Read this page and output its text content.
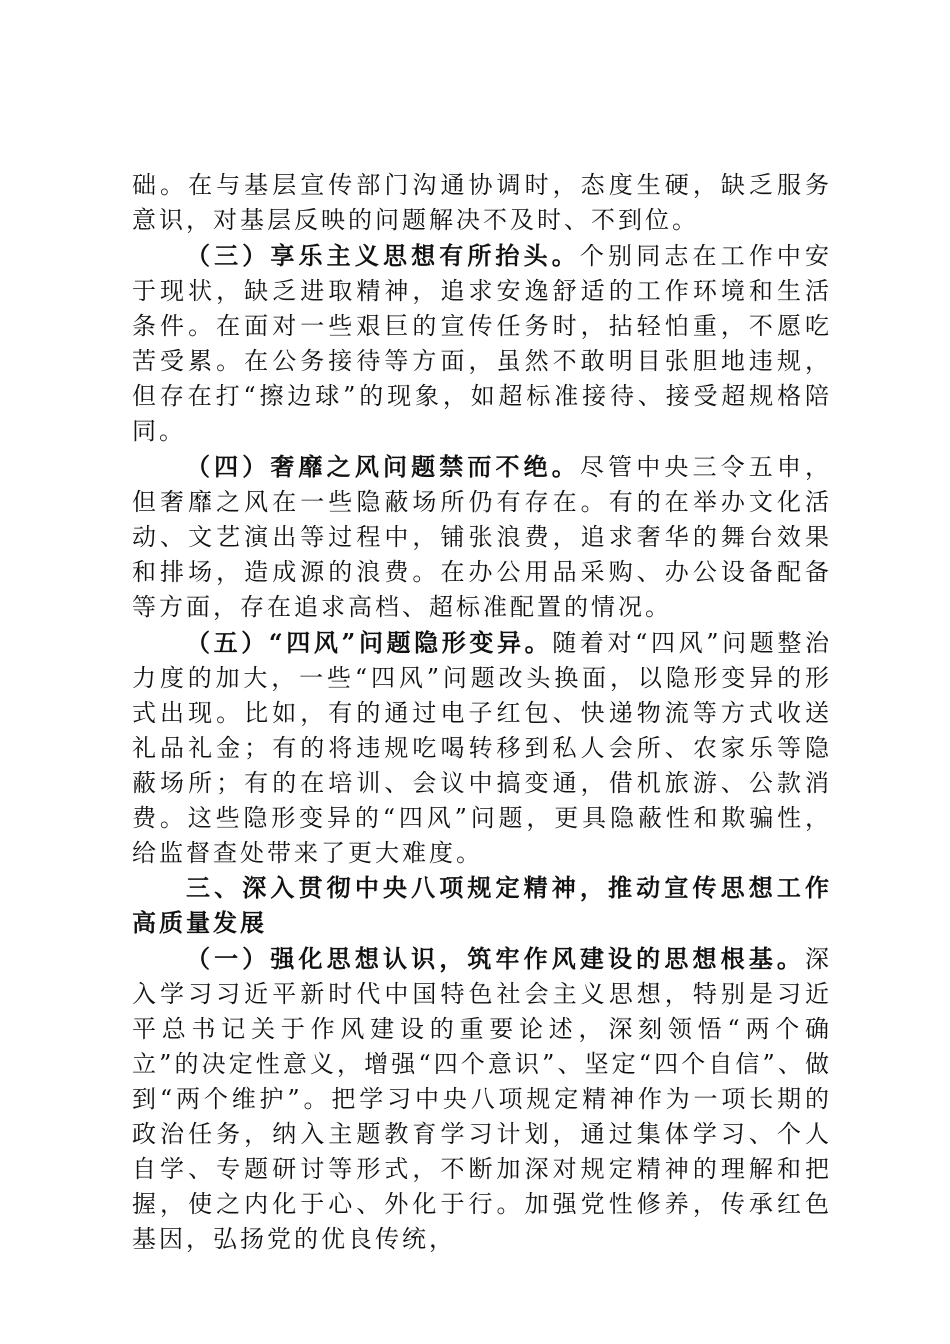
础。在与基层宣传部门沟通协调时，态度生硬，缺乏服务意识，对基层反映的问题解决不及时、不到位。

（三）享乐主义思想有所抬头。个别同志在工作中安于现状，缺乏进取精神，追求安逸舒适的工作环境和生活条件。在面对一些艰巨的宣传任务时，拈轻怕重，不愿吃苦受累。在公务接待等方面，虽然不敢明目张胆地违规，但存在打“擦边球”的现象，如超标准接待、接受超规格陪同。

（四）奢靡之风问题禁而不绝。尽管中央三令五申，但奢靡之风在一些隐蔽场所仍有存在。有的在举办文化活动、文艺演出等过程中，铺张浪费，追求奢华的舞台效果和排场，造成源的浪费。在办公用品采购、办公设备配备等方面，存在追求高档、超标准配置的情况。

（五）“四风”问题隐形变异。随着对“四风”问题整治力度的加大，一些“四风”问题改头换面，以隐形变异的形式出现。比如，有的通过电子红包、快递物流等方式收送礼品礼金；有的将违规吃喝转移到私人会所、农家乐等隐蔽场所；有的在培训、会议中搞变通，借机旅游、公款消费。这些隐形变异的“四风”问题，更具隐蔽性和欺骗性，给监督查处带来了更大难度。

三、深入贯彻中央八项规定精神，推动宣传思想工作高质量发展

（一）强化思想认识，筑牢作风建设的思想根基。深入学习习近平新时代中国特色社会主义思想，特别是习近平总书记关于作风建设的重要论述，深刻领悟“两个确立”的决定性意义，增强“四个意识”、坚定“四个自信”、做到“两个维护”。把学习中央八项规定精神作为一项长期的政治任务，纳入主题教育学习计划，通过集体学习、个人自学、专题研讨等形式，不断加深对规定精神的理解和把握，使之内化于心、外化于行。加强党性修养，传承红色基因，弘扬党的优良传统，
